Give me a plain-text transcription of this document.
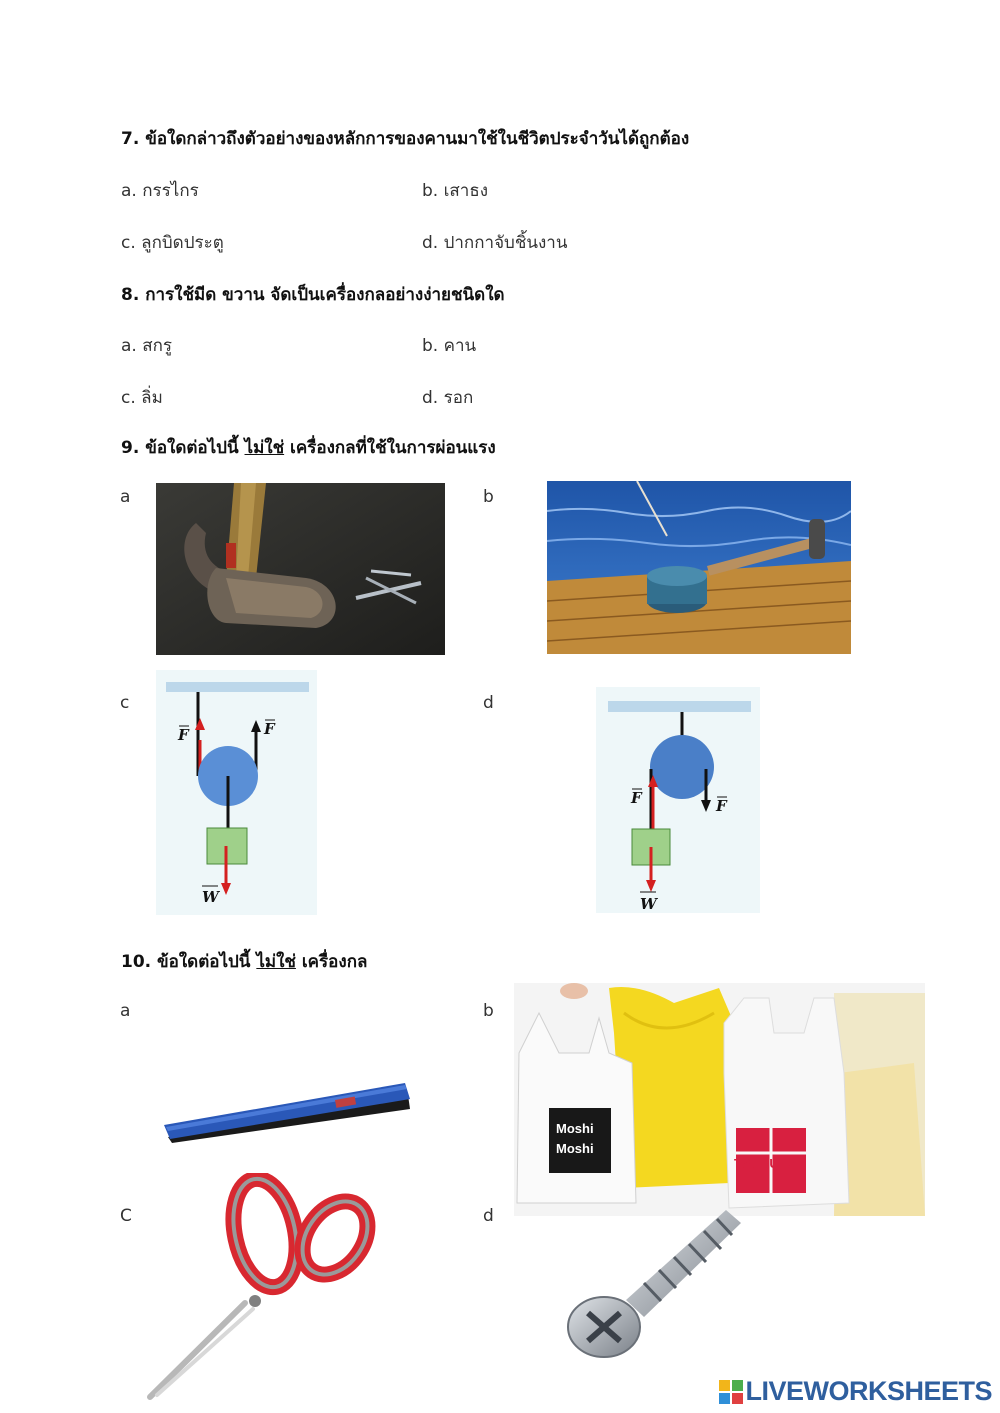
7. ข้อใดกล่าวถึงตัวอย่างของหลักการของคานมาใช้ในชีวิตประจำวันได้ถูกต้อง
a. กรรไกร	b. เสาธง
c. ลูกบิดประตู	d. ปากกาจับชิ้นงาน
8. การใช้มีด ขวาน จัดเป็นเครื่องกลอย่างง่ายชนิดใด
a. สกรู	b. คาน
c. ลิ่ม	d. รอก
9. ข้อใดต่อไปนี้ ไม่ใช่ เครื่องกลที่ใช้ในการผ่อนแรง
a	b
c	d
F	F
W
F	F
W
10. ข้อใดต่อไปนี้ ไม่ใช่ เครื่องกล
a	b
C	d
TSURUHA
Moshi
Moshi
LIVEWORKSHEETS
